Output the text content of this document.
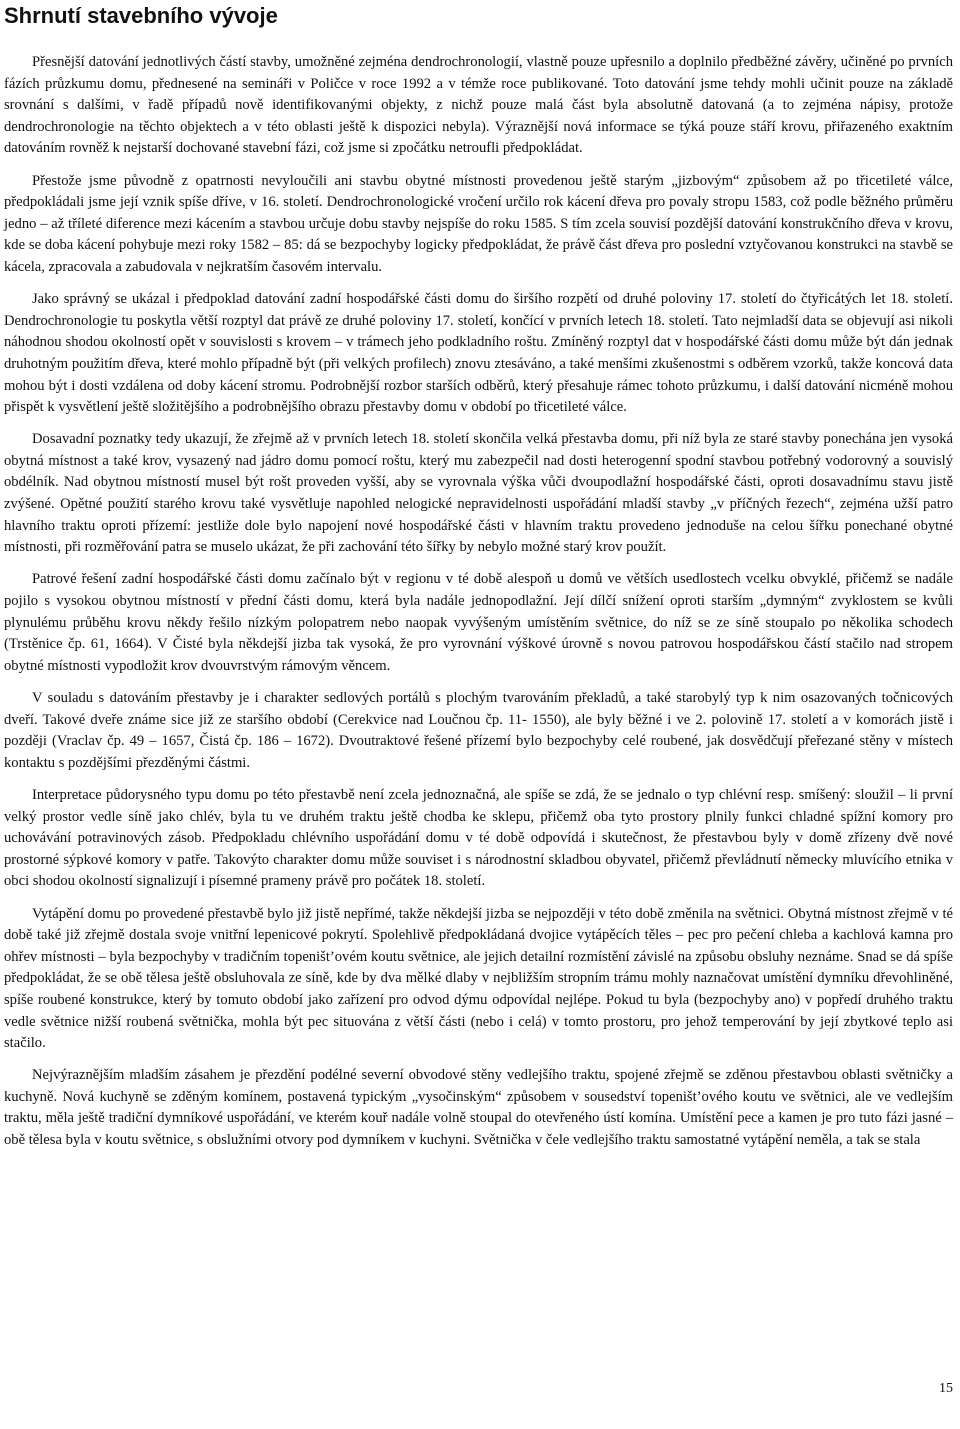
Shrnutí stavebního vývoje

Přesnější datování jednotlivých částí stavby, umožněné zejména dendrochronologií, vlastně pouze upřesnilo a doplnilo předběžné závěry, učiněné po prvních fázích průzkumu domu, přednesené na semináři v Poličce v roce 1992 a v témže roce publikované. Toto datování jsme tehdy mohli učinit pouze na základě srovnání s dalšími, v řadě případů nově identifikovanými objekty, z nichž pouze malá část byla absolutně datovaná (a to zejména nápisy, protože dendrochronologie na těchto objektech a v této oblasti ještě k dispozici nebyla). Výraznější nová informace se týká pouze stáří krovu, přiřazeného exaktním datováním rovněž k nejstarší dochované stavební fázi, což jsme si zpočátku netroufli předpokládat.

Přestože jsme původně z opatrnosti nevyloučili ani stavbu obytné místnosti provedenou ještě starým „jizbovým“ způsobem až po třicetileté válce, předpokládali jsme její vznik spíše dříve, v 16. století. Dendrochronologické vročení určilo rok kácení dřeva pro povaly stropu 1583, což podle běžného průměru jedno – až tříleté diference mezi kácením a stavbou určuje dobu stavby nejspíše do roku 1585. S tím zcela souvisí pozdější datování konstrukčního dřeva v krovu, kde se doba kácení pohybuje mezi roky 1582 – 85: dá se bezpochyby logicky předpokládat, že právě část dřeva pro poslední vztyčovanou konstrukci na stavbě se kácela, zpracovala a zabudovala v nejkratším časovém intervalu.

Jako správný se ukázal i předpoklad datování zadní hospodářské části domu do širšího rozpětí od druhé poloviny 17. století do čtyřicátých let 18. století. Dendrochronologie tu poskytla větší rozptyl dat právě ze druhé poloviny 17. století, končící v prvních letech 18. století. Tato nejmladší data se objevují asi nikoli náhodnou shodou okolností opět v souvislosti s krovem – v trámech jeho podkladního roštu. Zmíněný rozptyl dat v hospodářské části domu může být dán jednak druhotným použitím dřeva, které mohlo případně být (při velkých profilech) znovu ztesáváno, a také menšími zkušenostmi s odběrem vzorků, takže koncová data mohou být i dosti vzdálena od doby kácení stromu. Podrobnější rozbor starších odběrů, který přesahuje rámec tohoto průzkumu, i další datování nicméně mohou přispět k vysvětlení ještě složitějšího a podrobnějšího obrazu přestavby domu v období po třicetileté válce.

Dosavadní poznatky tedy ukazují, že zřejmě až v prvních letech 18. století skončila velká přestavba domu, při níž byla ze staré stavby ponechána jen vysoká obytná místnost a také krov, vysazený nad jádro domu pomocí roštu, který mu zabezpečil nad dosti heterogenní spodní stavbou potřebný vodorovný a souvislý obdélník. Nad obytnou místností musel být rošt proveden vyšší, aby se vyrovnala výška vůči dvoupodlažní hospodářské části, oproti dosavadnímu stavu jistě zvýšené. Opětné použití starého krovu také vysvětluje napohled nelogické nepravidelnosti uspořádání mladší stavby „v příčných řezech“, zejména užší patro hlavního traktu oproti přízemí: jestliže dole bylo napojení nové hospodářské části v hlavním traktu provedeno jednoduše na celou šířku ponechané obytné místnosti, při rozměřování patra se muselo ukázat, že při zachování této šířky by nebylo možné starý krov použít.

Patrové řešení zadní hospodářské části domu začínalo být v regionu v té době alespoň u domů ve větších usedlostech vcelku obvyklé, přičemž se nadále pojilo s vysokou obytnou místností v přední části domu, která byla nadále jednopodlažní. Její dílčí snížení oproti starším „dymným“ zvyklostem se kvůli plynulému průběhu krovu někdy řešilo nízkým polopatrem nebo naopak vyvýšeným umístěním světnice, do níž se ze síně stoupalo po několika schodech (Trstěnice čp. 61, 1664). V Čisté byla někdejší jizba tak vysoká, že pro vyrovnání výškové úrovně s novou patrovou hospodářskou částí stačilo nad stropem obytné místnosti vypodložit krov dvouvrstvým rámovým věncem.

V souladu s datováním přestavby je i charakter sedlových portálů s plochým tvarováním překladů, a také starobylý typ k nim osazovaných točnicových dveří. Takové dveře známe sice již ze staršího období (Cerekvice nad Loučnou čp. 11- 1550), ale byly běžné i ve 2. polovině 17. století a v komorách jistě i později (Vraclav čp. 49 – 1657, Čistá čp. 186 – 1672). Dvoutraktové řešené přízemí bylo bezpochyby celé roubené, jak dosvědčují přeřezané stěny v místech kontaktu s pozdějšími přezděnými částmi.

Interpretace půdorysného typu domu po této přestavbě není zcela jednoznačná, ale spíše se zdá, že se jednalo o typ chlévní resp. smíšený: sloužil – li první velký prostor vedle síně jako chlév, byla tu ve druhém traktu ještě chodba ke sklepu, přičemž oba tyto prostory plnily funkci chladné spížní komory pro uchovávání potravinových zásob. Předpokladu chlévního uspořádání domu v té době odpovídá i skutečnost, že přestavbou byly v domě zřízeny dvě nové prostorné sýpkové komory v patře. Takovýto charakter domu může souviset i s národnostní skladbou obyvatel, přičemž převládnutí německy mluvícího etnika v obci shodou okolností signalizují i písemné prameny právě pro počátek 18. století.

Vytápění domu po provedené přestavbě bylo již jistě nepřímé, takže někdejší jizba se nejpozději v této době změnila na světnici. Obytná místnost zřejmě v té době také již zřejmě dostala svoje vnitřní lepenicové pokrytí. Spolehlivě předpokládaná dvojice vytápěcích těles – pec pro pečení chleba a kachlová kamna pro ohřev místnosti – byla bezpochyby v tradičním topeništ’ovém koutu světnice, ale jejich detailní rozmístění závislé na způsobu obsluhy neznáme. Snad se dá spíše předpokládat, že se obě tělesa ještě obsluhovala ze síně, kde by dva mělké dlaby v nejbližším stropním trámu mohly naznačovat umístění dymníku dřevohliněné, spíše roubené konstrukce, který by tomuto období jako zařízení pro odvod dýmu odpovídal nejlépe. Pokud tu byla (bezpochyby ano) v popředí druhého traktu vedle světnice nižší roubená světnička, mohla být pec situována z větší části (nebo i celá) v tomto prostoru, pro jehož temperování by její zbytkové teplo asi stačilo.

Nejvýraznějším mladším zásahem je přezdění podélné severní obvodové stěny vedlejšího traktu, spojené zřejmě se zděnou přestavbou oblasti světničky a kuchyně. Nová kuchyně se zděným komínem, postavená typickým „vysočinským“ způsobem v sousedství topeništ’ového koutu ve světnici, ale ve vedlejším traktu, měla ještě tradiční dymníkové uspořádání, ve kterém kouř nadále volně stoupal do otevřeného ústí komína. Umístění pece a kamen je pro tuto fázi jasné – obě tělesa byla v koutu světnice, s obslužními otvory pod dymníkem v kuchyni. Světnička v čele vedlejšího traktu samostatné vytápění neměla, a tak se stala

15
